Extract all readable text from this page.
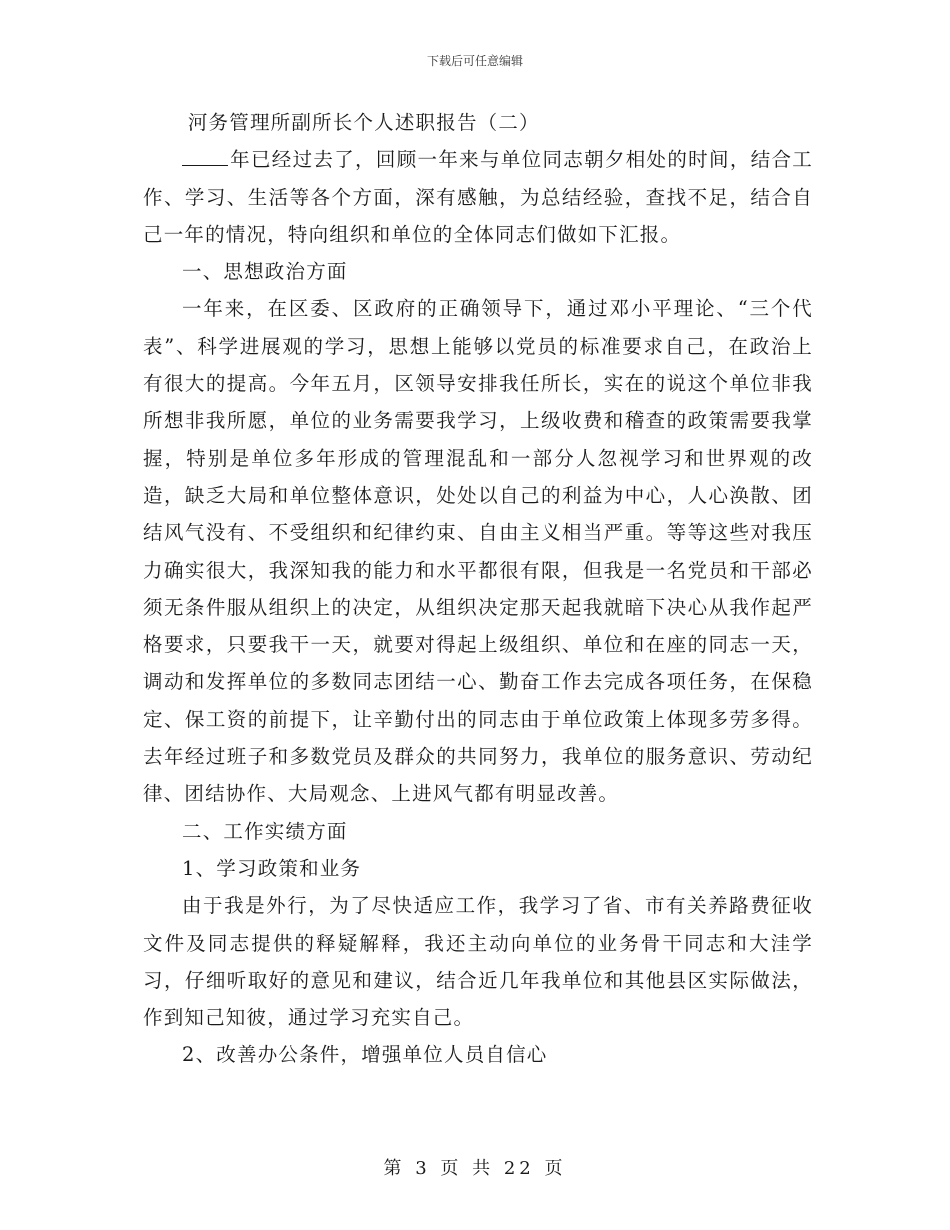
下载后可任意编辑

河务管理所副所长个人述职报告（二）

年已经过去了，回顾一年来与单位同志朝夕相处的时间，结合工作、学习、生活等各个方面，深有感触，为总结经验，查找不足，结合自己一年的情况，特向组织和单位的全体同志们做如下汇报。

一、思想政治方面

一年来，在区委、区政府的正确领导下，通过邓小平理论、“三个代表”、科学进展观的学习，思想上能够以党员的标准要求自己，在政治上有很大的提高。今年五月，区领导安排我任所长，实在的说这个单位非我所想非我所愿，单位的业务需要我学习，上级收费和稽查的政策需要我掌握，特别是单位多年形成的管理混乱和一部分人忽视学习和世界观的改造，缺乏大局和单位整体意识，处处以自己的利益为中心，人心涣散、团结风气没有、不受组织和纪律约束、自由主义相当严重。等等这些对我压力确实很大，我深知我的能力和水平都很有限，但我是一名党员和干部必须无条件服从组织上的决定，从组织决定那天起我就暗下决心从我作起严格要求，只要我干一天，就要对得起上级组织、单位和在座的同志一天，调动和发挥单位的多数同志团结一心、勤奋工作去完成各项任务，在保稳定、保工资的前提下，让辛勤付出的同志由于单位政策上体现多劳多得。去年经过班子和多数党员及群众的共同努力，我单位的服务意识、劳动纪律、团结协作、大局观念、上进风气都有明显改善。

二、工作实绩方面

1、学习政策和业务

由于我是外行，为了尽快适应工作，我学习了省、市有关养路费征收文件及同志提供的释疑解释，我还主动向单位的业务骨干同志和大洼学习，仔细听取好的意见和建议，结合近几年我单位和其他县区实际做法，作到知己知彼，通过学习充实自己。

2、改善办公条件，增强单位人员自信心

第 3 页 共 22 页
